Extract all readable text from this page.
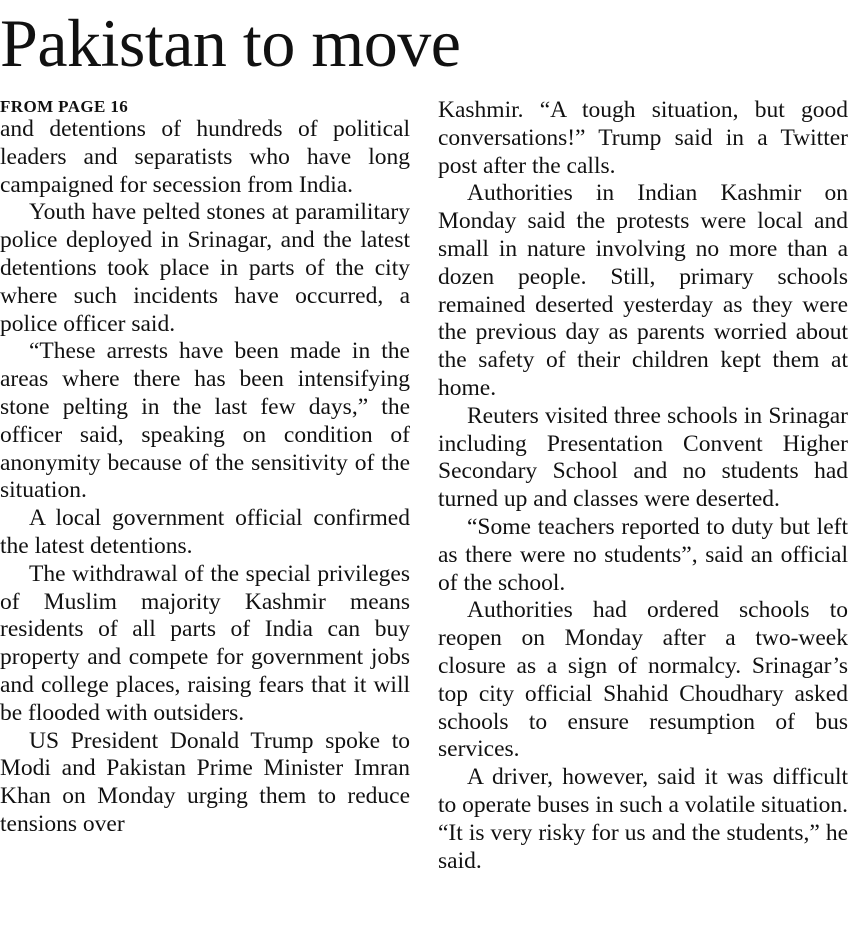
Pakistan to move
FROM PAGE 16

and detentions of hundreds of political leaders and separatists who have long campaigned for secession from India.

Youth have pelted stones at paramilitary police deployed in Srinagar, and the latest detentions took place in parts of the city where such incidents have occurred, a police officer said.

“These arrests have been made in the areas where there has been intensifying stone pelting in the last few days,” the officer said, speaking on condition of anonymity because of the sensitivity of the situation.

A local government official confirmed the latest detentions.

The withdrawal of the special privileges of Muslim majority Kashmir means residents of all parts of India can buy property and compete for government jobs and college places, raising fears that it will be flooded with outsiders.

US President Donald Trump spoke to Modi and Pakistan Prime Minister Imran Khan on Monday urging them to reduce tensions over

Kashmir. “A tough situation, but good conversations!” Trump said in a Twitter post after the calls.

Authorities in Indian Kashmir on Monday said the protests were local and small in nature involving no more than a dozen people. Still, primary schools remained deserted yesterday as they were the previous day as parents worried about the safety of their children kept them at home.

Reuters visited three schools in Srinagar including Presentation Convent Higher Secondary School and no students had turned up and classes were deserted.

“Some teachers reported to duty but left as there were no students”, said an official of the school.

Authorities had ordered schools to reopen on Monday after a two-week closure as a sign of normalcy. Srinagar’s top city official Shahid Choudhary asked schools to ensure resumption of bus services.

A driver, however, said it was difficult to operate buses in such a volatile situation. “It is very risky for us and the students,” he said.
